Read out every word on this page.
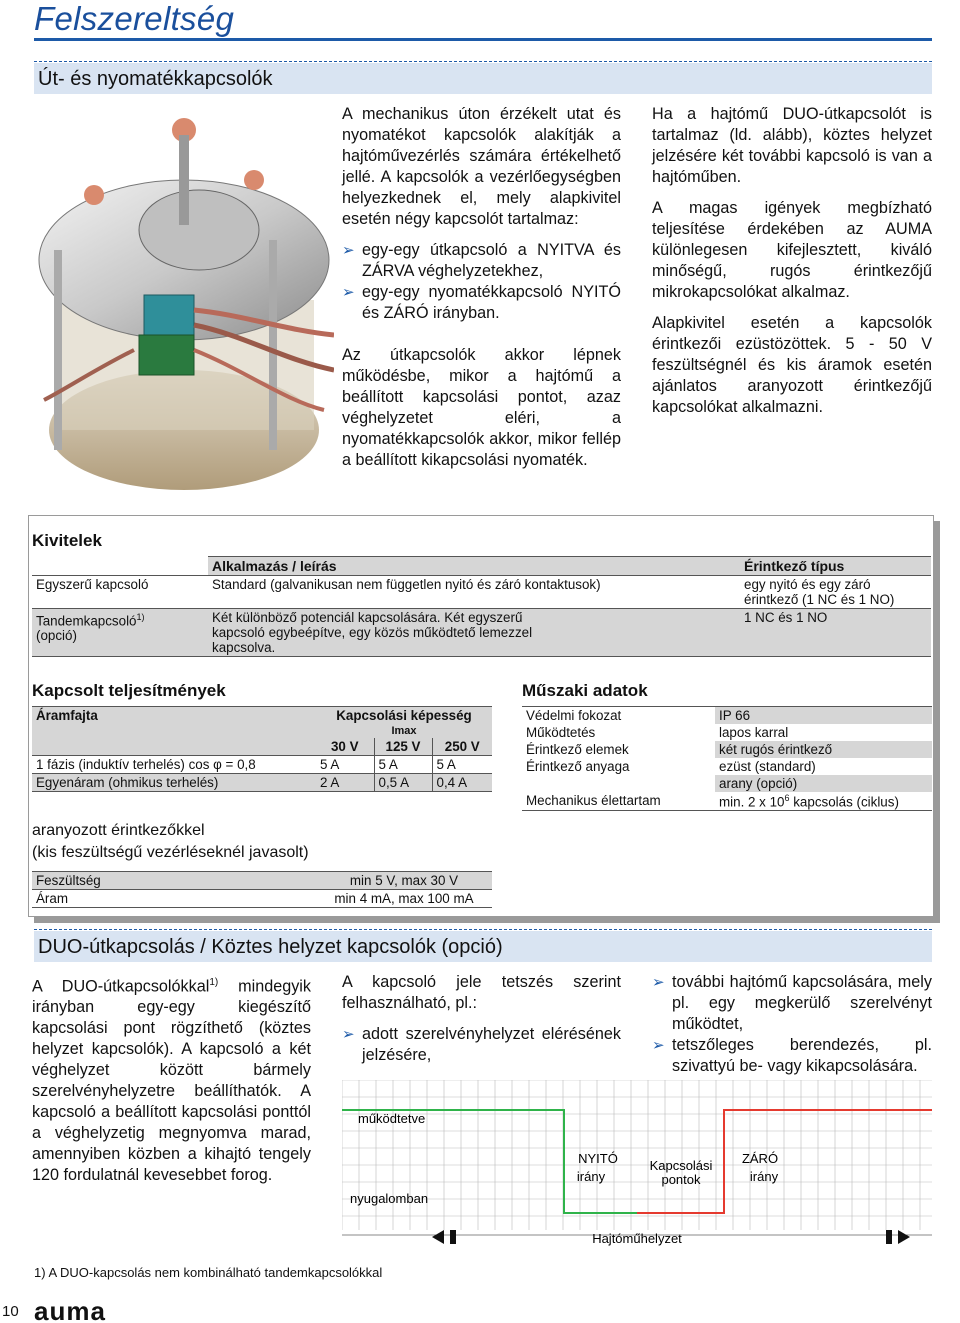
Felszereltség
Út- és nyomatékkapcsolók

A mechanikus úton érzékelt utat és nyomatékot kapcsolók alakítják a hajtóművezérlés számára értékelhető jellé. A kapcsolók a vezérlőegységben helyezkednek el, mely alapkivitel esetén négy kapcsolót tartalmaz:

➢ egy-egy útkapcsoló a NYITVA és ZÁRVA véghelyzetekhez,
➢ egy-egy nyomatékkapcsoló NYITÓ és ZÁRÓ irányban.

Az útkapcsolók akkor lépnek működésbe, mikor a hajtómű a beállított kapcsolási pontot, azaz véghelyzetet eléri, a nyomatékkapcsolók akkor, mikor fellép a beállított kikapcsolási nyomaték.

Ha a hajtómű DUO-útkapcsolót is tartalmaz (ld. alább), köztes helyzet jelzésére két további kapcsoló is van a hajtóműben.

A magas igények megbízható teljesítése érdekében az AUMA különlegesen kifejlesztett, kiváló minőségű, rugós érintkezőjű mikrokapcsolókat alkalmaz.

Alapkivitel esetén a kapcsolók érintkezői ezüstözöttek. 5 - 50 V feszültségnél és kis áramok esetén ajánlatos aranyozott érintkezőjű kapcsolókat alkalmazni.

Kivitelek
	Alkalmazás / leírás	Érintkező típus
Egyszerű kapcsoló	Standard (galvanikusan nem független nyitó és záró kontaktusok)	egy nyitó és egy záró érintkező (1 NC és 1 NO)
Tandemkapcsoló$^{1)}$
(opció)	Két különböző potenciál kapcsolására. Két egyszerű kapcsoló egybeépítve, egy közös működtető lemezzel kapcsolva.	1 NC és 1 NO
Kapcsolt teljesítmények
Áramfajta	Kapcsolási képesség		
	Imax		
	30 V	125 V	250 V
1 fázis (induktív terhelés) cos φ = 0,8	5 A	5 A	5 A
Egyenáram (ohmikus terhelés)	2 A	0,5 A	0,4 A
aranyozott érintkezőkkel
(kis feszültségű vezérléseknél javasolt)
Feszültség	min 5 V, max 30 V
Áram	min 4 mA, max 100 mA
Műszaki adatok
Védelmi fokozat	IP 66
Működtetés	lapos karral
Érintkező elemek	két rugós érintkező
Érintkező anyaga	ezüst (standard)
	arany (opció)
Mechanikus élettartam	min. 2 x $10^6$ kapcsolás (ciklus)
DUO-útkapcsolás / Köztes helyzet kapcsolók (opció)

A DUO-útkapcsolókkal$^{1)}$ mindegyik irányban egy-egy kiegészítő kapcsolási pont rögzíthető (köztes helyzet kapcsolók). A kapcsoló a két véghelyzet között bármely szerelvényhelyzetre beállíthatók. A kapcsoló a beállított kapcsolási ponttól a véghelyzetig megnyomva marad, amennyiben közben a kihajtó tengely 120 fordulatnál kevesebbet forog.

A kapcsoló jele tetszés szerint felhasználható, pl.:

➢ adott szerelvényhelyzet elérésének jelzésére,
➢ további hajtómű kapcsolására, mely pl. egy megkerülő szerelvényt működtet,
➢ tetszőleges berendezés, pl. szivattyú be- vagy kikapcsolására.
működtetve
nyugalomban
NYITÓ
irány
Kapcsolási
pontok
ZÁRÓ
irány
Hajtóműhelyzet
1) A DUO-kapcsolás nem kombinálható tandemkapcsolókkal
10 auma
